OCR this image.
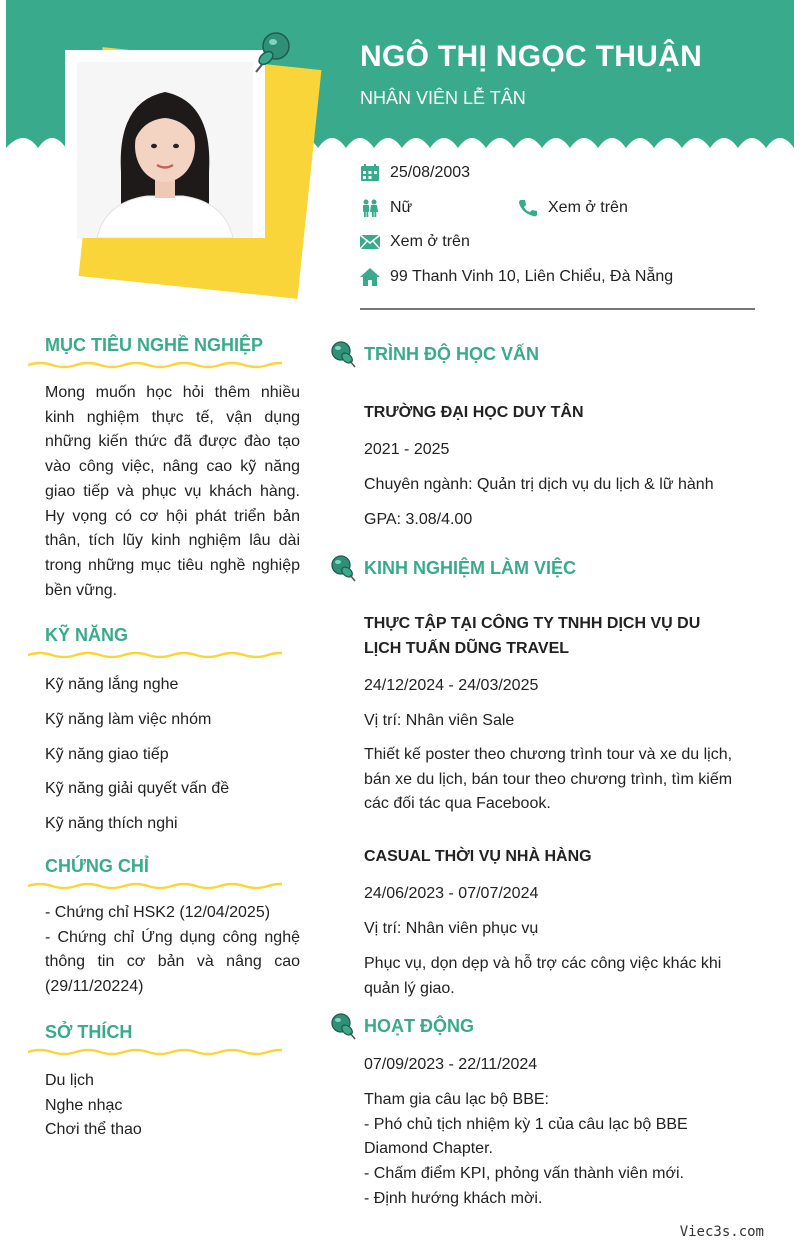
NGÔ THỊ NGỌC THUẬN
NHÂN VIÊN LỄ TÂN
25/08/2003
Nữ	Xem ở trên
Xem ở trên
99 Thanh Vinh 10, Liên Chiểu, Đà Nẵng
MỤC TIÊU NGHỀ NGHIỆP
Mong muốn học hỏi thêm nhiều kinh nghiệm thực tế, vận dụng những kiến thức đã được đào tạo vào công việc, nâng cao kỹ năng giao tiếp và phục vụ khách hàng. Hy vọng có cơ hội phát triển bản thân, tích lũy kinh nghiệm lâu dài trong những mục tiêu nghề nghiệp bền vững.
KỸ NĂNG
Kỹ năng lắng nghe
Kỹ năng làm việc nhóm
Kỹ năng giao tiếp
Kỹ năng giải quyết vấn đề
Kỹ năng thích nghi
CHỨNG CHỈ
- Chứng chỉ HSK2 (12/04/2025)
- Chứng chỉ Ứng dụng công nghệ thông tin cơ bản và nâng cao (29/11/20224)
SỞ THÍCH
Du lịch
Nghe nhạc
Chơi thể thao
TRÌNH ĐỘ HỌC VẤN
TRƯỜNG ĐẠI HỌC DUY TÂN
2021 - 2025
Chuyên ngành: Quản trị dịch vụ du lịch & lữ hành
GPA: 3.08/4.00
KINH NGHIỆM LÀM VIỆC
THỰC TẬP TẠI CÔNG TY TNHH DỊCH VỤ DU LỊCH TUẤN DŨNG TRAVEL
24/12/2024 - 24/03/2025
Vị trí: Nhân viên Sale
Thiết kế poster theo chương trình tour và xe du lịch, bán xe du lịch, bán tour theo chương trình, tìm kiếm các đối tác qua Facebook.
CASUAL THỜI VỤ NHÀ HÀNG
24/06/2023 - 07/07/2024
Vị trí: Nhân viên phục vụ
Phục vụ, dọn dẹp và hỗ trợ các công việc khác khi quản lý giao.
HOẠT ĐỘNG
07/09/2023 - 22/11/2024
Tham gia câu lạc bộ BBE:
- Phó chủ tịch nhiệm kỳ 1 của câu lạc bộ BBE Diamond Chapter.
- Chấm điểm KPI, phỏng vấn thành viên mới.
- Định hướng khách mời.
Viec3s.com
